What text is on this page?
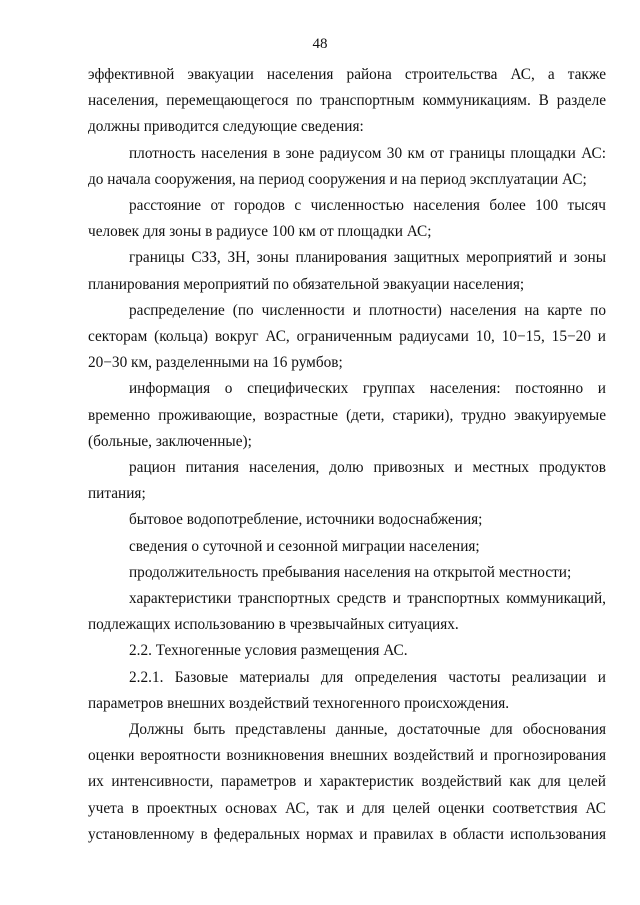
48

эффективной эвакуации населения района строительства АС, а также населения, перемещающегося по транспортным коммуникациям. В разделе должны приводится следующие сведения:

плотность населения в зоне радиусом 30 км от границы площадки АС: до начала сооружения, на период сооружения и на период эксплуатации АС;

расстояние от городов с численностью населения более 100 тысяч человек для зоны в радиусе 100 км от площадки АС;

границы СЗЗ, ЗН, зоны планирования защитных мероприятий и зоны планирования мероприятий по обязательной эвакуации населения;

распределение (по численности и плотности) населения на карте по секторам (кольца) вокруг АС, ограниченным радиусами 10, 10−15, 15−20 и 20−30 км, разделенными на 16 румбов;

информация о специфических группах населения: постоянно и временно проживающие, возрастные (дети, старики), трудно эвакуируемые (больные, заключенные);

рацион питания населения, долю привозных и местных продуктов питания;

бытовое водопотребление, источники водоснабжения;

сведения о суточной и сезонной миграции населения;

продолжительность пребывания населения на открытой местности;

характеристики транспортных средств и транспортных коммуникаций, подлежащих использованию в чрезвычайных ситуациях.

2.2. Техногенные условия размещения АС.

2.2.1. Базовые материалы для определения частоты реализации и параметров внешних воздействий техногенного происхождения.

Должны быть представлены данные, достаточные для обоснования оценки вероятности возникновения внешних воздействий и прогнозирования их интенсивности, параметров и характеристик воздействий как для целей учета в проектных основах АС, так и для целей оценки соответствия АС установленному в федеральных нормах и правилах в области использования
